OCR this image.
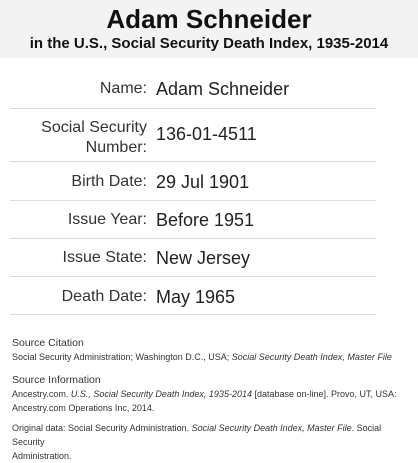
Adam Schneider
in the U.S., Social Security Death Index, 1935-2014
Name: Adam Schneider
Social Security
Number:
136-01-4511
Birth Date: 29 Jul 1901
Issue Year: Before 1951
Issue State: New Jersey
Death Date: May 1965
Source Citation
Social Security Administration; Washington D.C., USA; Social Security Death Index, Master File
Source Information
Ancestry.com. U.S., Social Security Death Index, 1935-2014 [database on-line]. Provo, UT, USA:
Ancestry.com Operations Inc, 2014.
Original data: Social Security Administration. Social Security Death Index, Master File. Social Security
Administration.
